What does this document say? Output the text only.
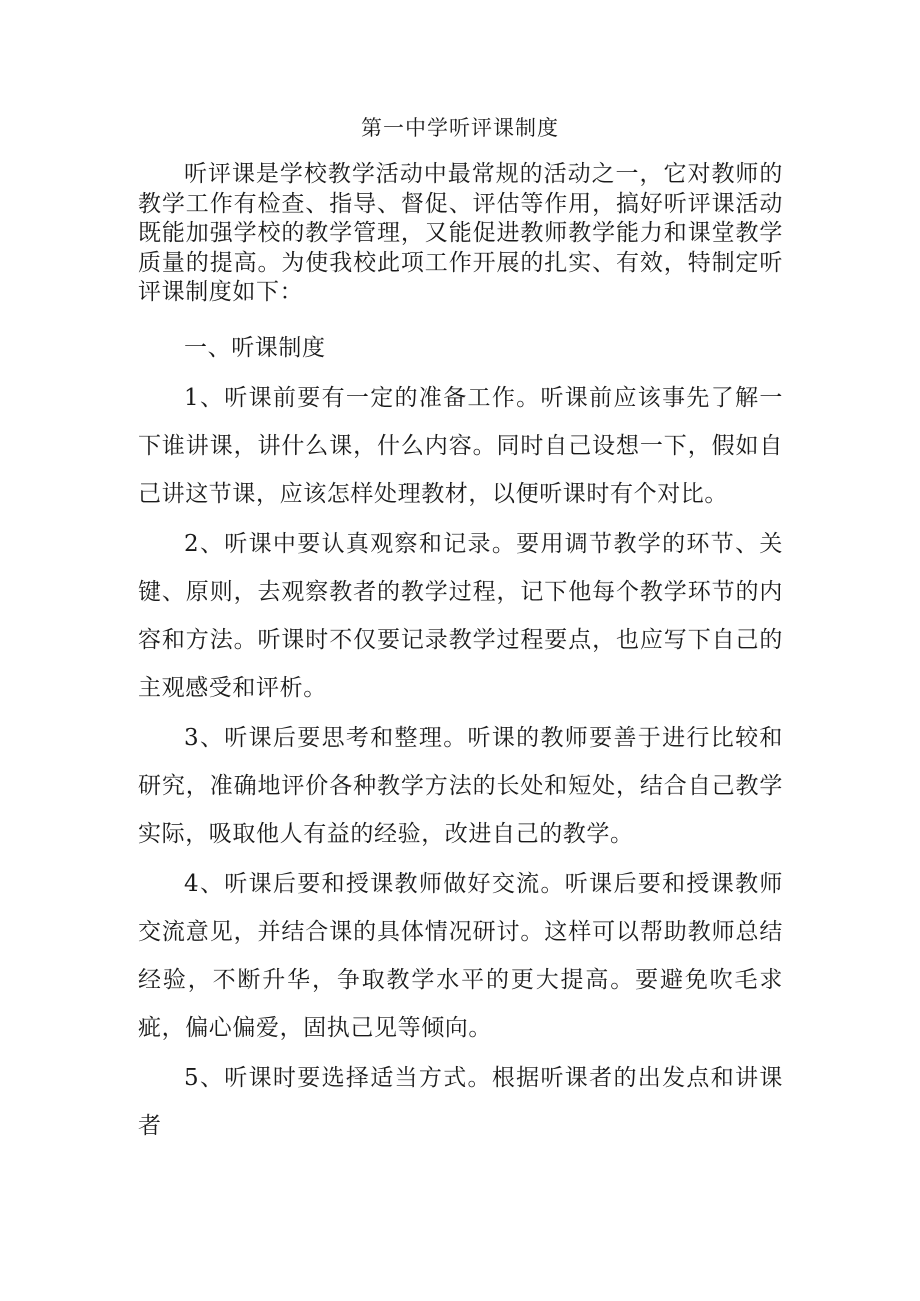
第一中学听评课制度

听评课是学校教学活动中最常规的活动之一，它对教师的教学工作有检查、指导、督促、评估等作用，搞好听评课活动既能加强学校的教学管理，又能促进教师教学能力和课堂教学质量的提高。为使我校此项工作开展的扎实、有效，特制定听评课制度如下：

一、听课制度

1、听课前要有一定的准备工作。听课前应该事先了解一下谁讲课，讲什么课，什么内容。同时自己设想一下，假如自己讲这节课，应该怎样处理教材，以便听课时有个对比。

2、听课中要认真观察和记录。要用调节教学的环节、关键、原则，去观察教者的教学过程，记下他每个教学环节的内容和方法。听课时不仅要记录教学过程要点，也应写下自己的主观感受和评析。

3、听课后要思考和整理。听课的教师要善于进行比较和研究，准确地评价各种教学方法的长处和短处，结合自己教学实际，吸取他人有益的经验，改进自己的教学。

4、听课后要和授课教师做好交流。听课后要和授课教师交流意见，并结合课的具体情况研讨。这样可以帮助教师总结经验，不断升华，争取教学水平的更大提高。要避免吹毛求疵，偏心偏爱，固执己见等倾向。

5、听课时要选择适当方式。根据听课者的出发点和讲课者
